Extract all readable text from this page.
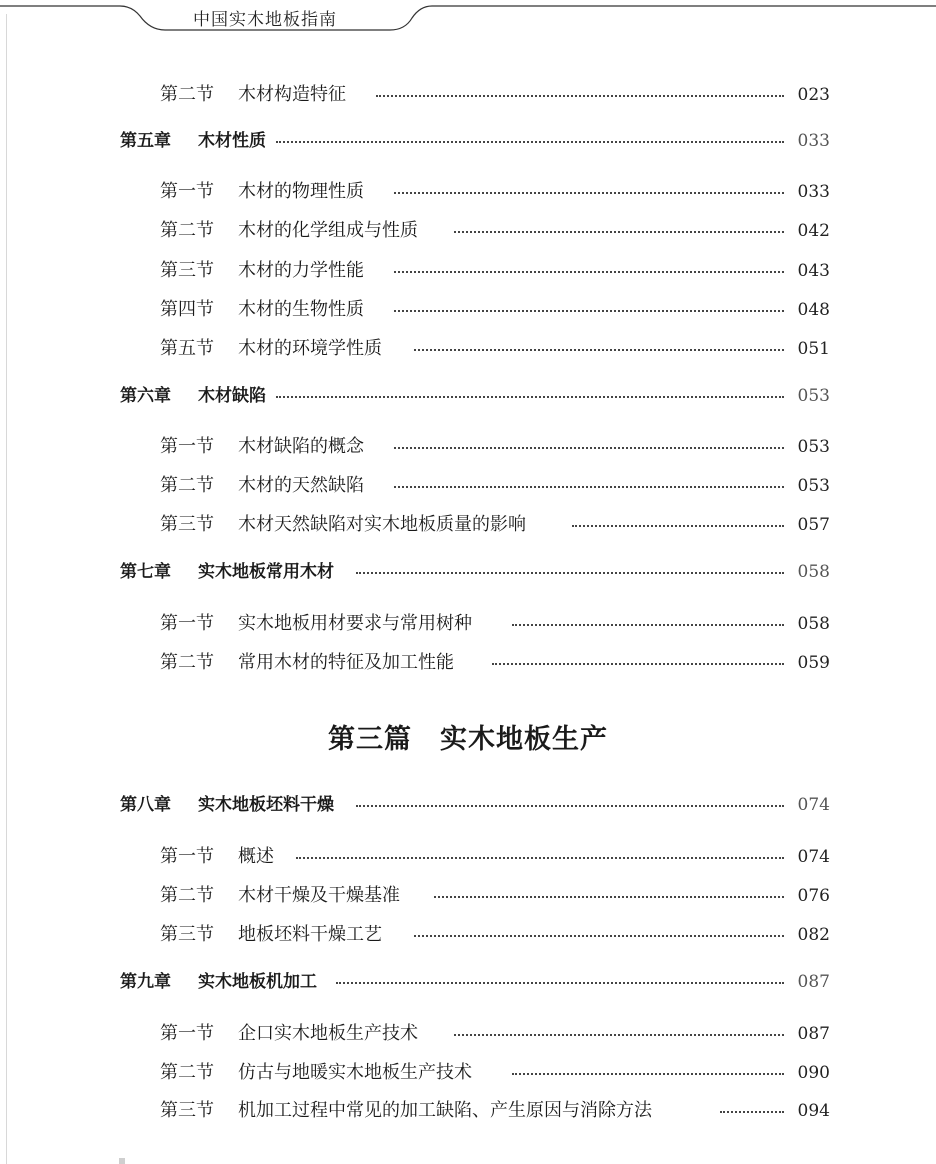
中国实木地板指南
第二节 木材构造特征	023
第五章 木材性质	033
第一节 木材的物理性质	033
第二节 木材的化学组成与性质	042
第三节 木材的力学性能	043
第四节 木材的生物性质	048
第五节 木材的环境学性质	051
第六章 木材缺陷	053
第一节 木材缺陷的概念	053
第二节 木材的天然缺陷	053
第三节 木材天然缺陷对实木地板质量的影响	057
第七章 实木地板常用木材	058
第一节 实木地板用材要求与常用树种	058
第二节 常用木材的特征及加工性能	059
第三篇　实木地板生产
第八章 实木地板坯料干燥	074
第一节 概述	074
第二节 木材干燥及干燥基准	076
第三节 地板坯料干燥工艺	082
第九章 实木地板机加工	087
第一节 企口实木地板生产技术	087
第二节 仿古与地暖实木地板生产技术	090
第三节 机加工过程中常见的加工缺陷、产生原因与消除方法	094
